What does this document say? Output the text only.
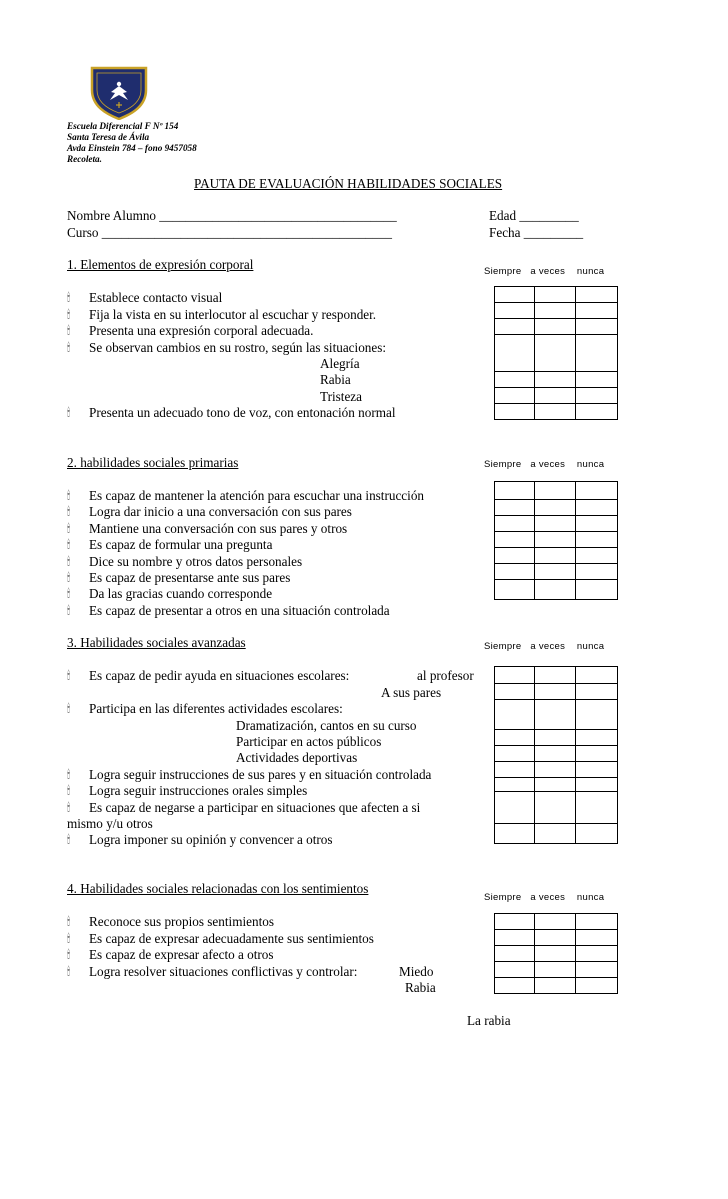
Escuela Diferencial F Nº 154
Santa Teresa de Ávila
Avda Einstein 784 – fono 9457058
Recoleta.
PAUTA DE EVALUACIÓN HABILIDADES SOCIALES
Nombre Alumno ____________________________________	Edad _________
Curso ____________________________________________	Fecha _________
1. Elementos de expresión corporal	Siempre a veces nunca
🕯 Establece contacto visual
🕯 Fija la vista en su interlocutor al escuchar y responder.
🕯 Presenta una expresión corporal adecuada.
🕯 Se observan cambios en su rostro, según las situaciones:
Alegría
Rabia
Tristeza
🕯 Presenta un adecuado tono de voz, con entonación normal

2. habilidades sociales primarias	Siempre a veces nunca
🕯 Es capaz de mantener la atención para escuchar una instrucción
🕯 Logra dar inicio a una conversación con sus pares
🕯 Mantiene una conversación con sus pares y otros
🕯 Es capaz de formular una pregunta
🕯 Dice su nombre y otros datos personales
🕯 Es capaz de presentarse ante sus pares
🕯 Da las gracias cuando corresponde
🕯 Es capaz de presentar a otros en una situación controlada

3. Habilidades sociales avanzadas	Siempre a veces nunca
🕯 Es capaz de pedir ayuda en situaciones escolares:	al profesor
A sus pares
🕯 Participa en las diferentes actividades escolares:
Dramatización, cantos en su curso
Participar en actos públicos
Actividades deportivas
🕯 Logra seguir instrucciones de sus pares y en situación controlada
🕯 Logra seguir instrucciones orales simples
🕯 Es capaz de negarse a participar en situaciones que afecten a si
mismo y/u otros
🕯 Logra imponer su opinión y convencer a otros

4. Habilidades sociales relacionadas con los sentimientos
Siempre a veces nunca
🕯 Reconoce sus propios sentimientos
🕯 Es capaz de expresar adecuadamente sus sentimientos
🕯 Es capaz de expresar afecto a otros
🕯 Logra resolver situaciones conflictivas y controlar:	Miedo
Rabia

La rabia
